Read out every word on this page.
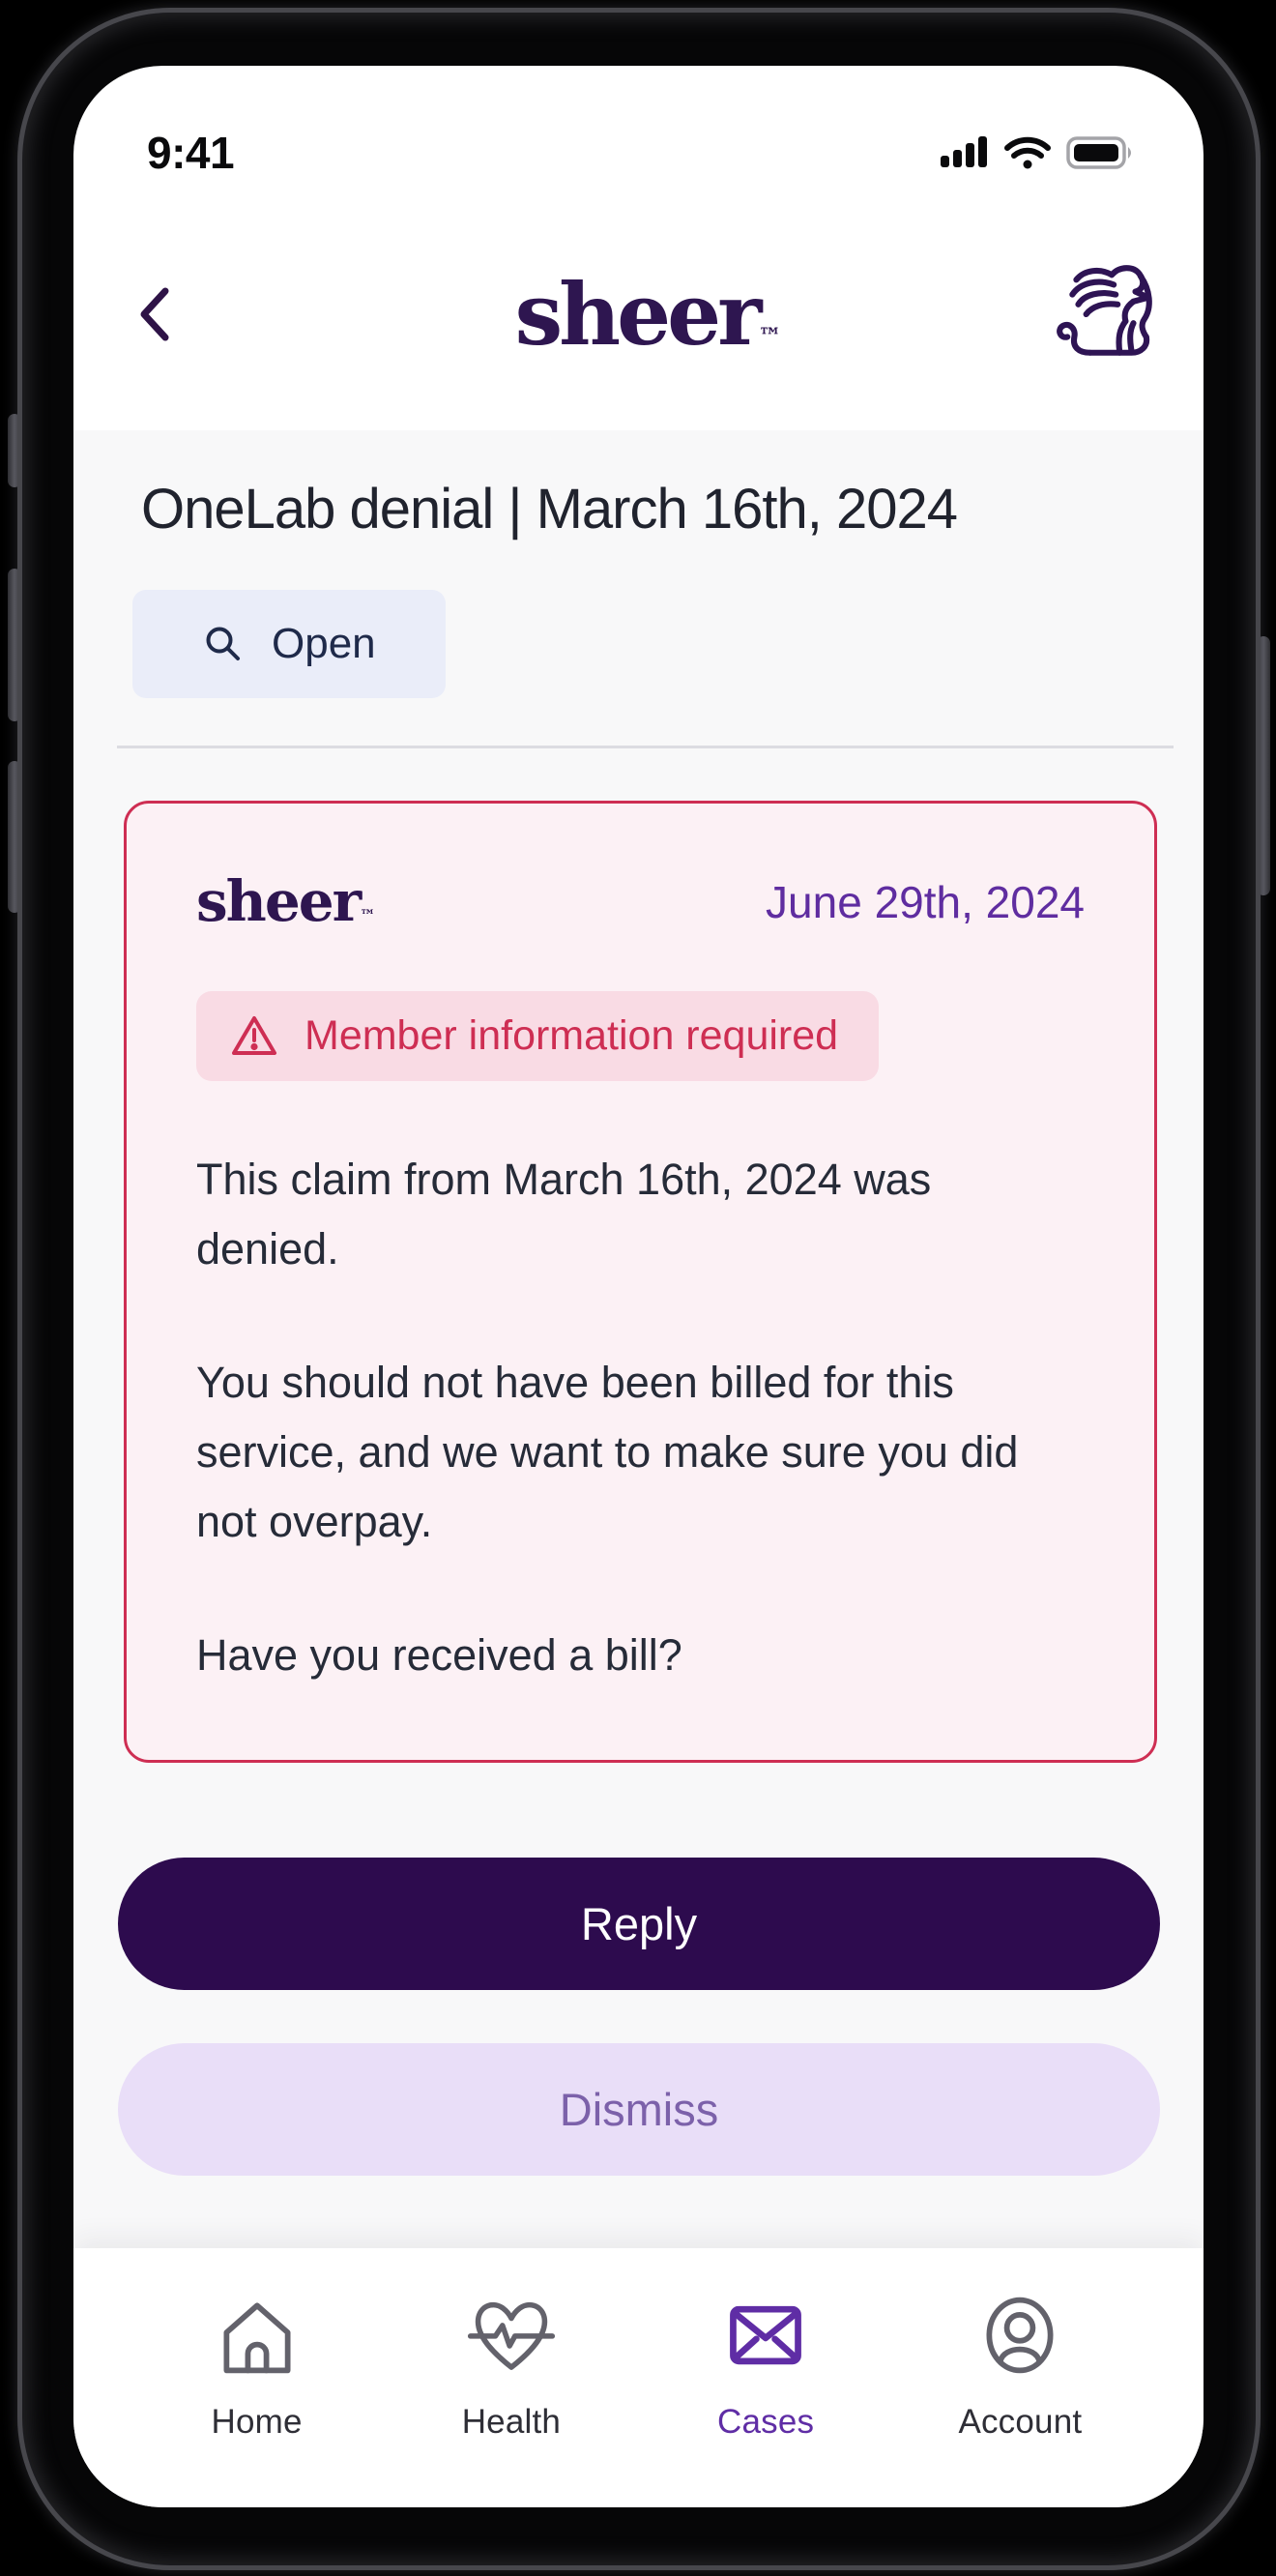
9:41
sheer™
OneLab denial | March 16th, 2024
Open
sheer™	June 29th, 2024
Member information required

This claim from March 16th, 2024 was denied.

You should not have been billed for this service, and we want to make sure you did not overpay.

Have you received a bill?

Reply
Dismiss
Home	Health	Cases	Account
